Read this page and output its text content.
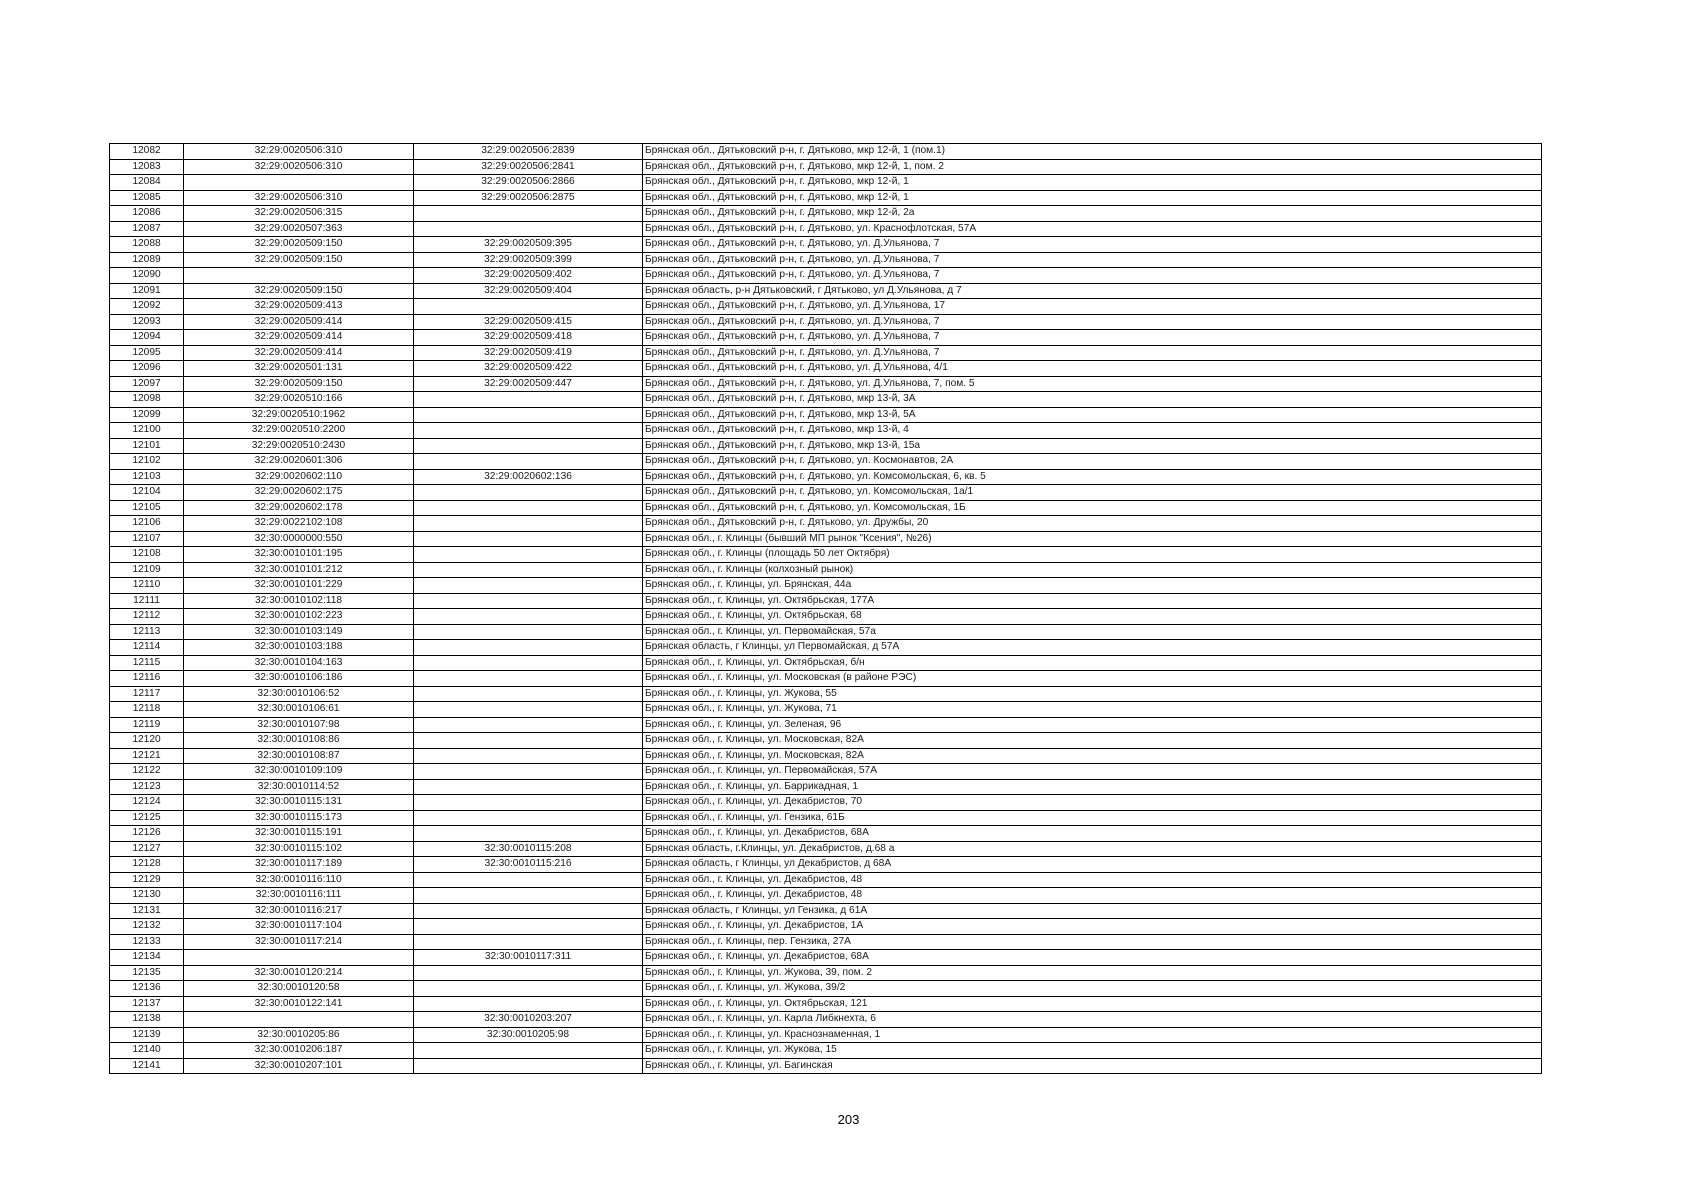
12082	32:29:0020506:310	32:29:0020506:2839	Брянская обл., Дятьковский р-н, г. Дятьково, мкр 12-й, 1 (пом.1)
12083	32:29:0020506:310	32:29:0020506:2841	Брянская обл., Дятьковский р-н, г. Дятьково, мкр 12-й, 1, пом. 2
12084		32:29:0020506:2866	Брянская обл., Дятьковский р-н, г. Дятьково, мкр 12-й, 1
12085	32:29:0020506:310	32:29:0020506:2875	Брянская обл., Дятьковский р-н, г. Дятьково, мкр 12-й, 1
12086	32:29:0020506:315		Брянская обл., Дятьковский р-н, г. Дятьково, мкр 12-й, 2а
12087	32:29:0020507:363		Брянская обл., Дятьковский р-н, г. Дятьково, ул. Краснофлотская, 57А
12088	32:29:0020509:150	32:29:0020509:395	Брянская обл., Дятьковский р-н, г. Дятьково, ул. Д.Ульянова, 7
12089	32:29:0020509:150	32:29:0020509:399	Брянская обл., Дятьковский р-н, г. Дятьково, ул. Д.Ульянова, 7
12090		32:29:0020509:402	Брянская обл., Дятьковский р-н, г. Дятьково, ул. Д.Ульянова, 7
12091	32:29:0020509:150	32:29:0020509:404	Брянская область, р-н Дятьковский, г Дятьково, ул Д.Ульянова, д 7
12092	32:29:0020509:413		Брянская обл., Дятьковский р-н, г. Дятьково, ул. Д.Ульянова, 17
12093	32:29:0020509:414	32:29:0020509:415	Брянская обл., Дятьковский р-н, г. Дятьково, ул. Д.Ульянова, 7
12094	32:29:0020509:414	32:29:0020509:418	Брянская обл., Дятьковский р-н, г. Дятьково, ул. Д.Ульянова, 7
12095	32:29:0020509:414	32:29:0020509:419	Брянская обл., Дятьковский р-н, г. Дятьково, ул. Д.Ульянова, 7
12096	32:29:0020501:131	32:29:0020509:422	Брянская обл., Дятьковский р-н, г. Дятьково, ул. Д.Ульянова, 4/1
12097	32:29:0020509:150	32:29:0020509:447	Брянская обл., Дятьковский р-н, г. Дятьково, ул. Д.Ульянова, 7, пом. 5
12098	32:29:0020510:166		Брянская обл., Дятьковский р-н, г. Дятьково, мкр 13-й, 3А
12099	32:29:0020510:1962		Брянская обл., Дятьковский р-н, г. Дятьково, мкр 13-й, 5А
12100	32:29:0020510:2200		Брянская обл., Дятьковский р-н, г. Дятьково, мкр 13-й, 4
12101	32:29:0020510:2430		Брянская обл., Дятьковский р-н, г. Дятьково, мкр 13-й, 15а
12102	32:29:0020601:306		Брянская обл., Дятьковский р-н, г. Дятьково, ул. Космонавтов, 2А
12103	32:29:0020602:110	32:29:0020602:136	Брянская обл., Дятьковский р-н, г. Дятьково, ул. Комсомольская, 6, кв. 5
12104	32:29:0020602:175		Брянская обл., Дятьковский р-н, г. Дятьково, ул. Комсомольская, 1а/1
12105	32:29:0020602:178		Брянская обл., Дятьковский р-н, г. Дятьково, ул. Комсомольская, 1Б
12106	32:29:0022102:108		Брянская обл., Дятьковский р-н, г. Дятьково, ул. Дружбы, 20
12107	32:30:0000000:550		Брянская обл., г. Клинцы (бывший МП рынок "Ксения", №26)
12108	32:30:0010101:195		Брянская обл., г. Клинцы (площадь 50 лет Октября)
12109	32:30:0010101:212		Брянская обл., г. Клинцы (колхозный рынок)
12110	32:30:0010101:229		Брянская обл., г. Клинцы, ул. Брянская, 44а
12111	32:30:0010102:118		Брянская обл., г. Клинцы, ул. Октябрьская, 177А
12112	32:30:0010102:223		Брянская обл., г. Клинцы, ул. Октябрьская, 68
12113	32:30:0010103:149		Брянская обл., г. Клинцы, ул. Первомайская, 57а
12114	32:30:0010103:188		Брянская область, г Клинцы, ул Первомайская, д 57А
12115	32:30:0010104:163		Брянская обл., г. Клинцы, ул. Октябрьская, б/н
12116	32:30:0010106:186		Брянская обл., г. Клинцы, ул. Московская (в районе РЭС)
12117	32:30:0010106:52		Брянская обл., г. Клинцы, ул. Жукова, 55
12118	32:30:0010106:61		Брянская обл., г. Клинцы, ул. Жукова, 71
12119	32:30:0010107:98		Брянская обл., г. Клинцы, ул. Зеленая, 96
12120	32:30:0010108:86		Брянская обл., г. Клинцы, ул. Московская, 82А
12121	32:30:0010108:87		Брянская обл., г. Клинцы, ул. Московская, 82А
12122	32:30:0010109:109		Брянская обл., г. Клинцы, ул. Первомайская, 57А
12123	32:30:0010114:52		Брянская обл., г. Клинцы, ул. Баррикадная, 1
12124	32:30:0010115:131		Брянская обл., г. Клинцы, ул. Декабристов, 70
12125	32:30:0010115:173		Брянская обл., г. Клинцы, ул. Гензика, 61Б
12126	32:30:0010115:191		Брянская обл., г. Клинцы, ул. Декабристов, 68А
12127	32:30:0010115:102	32:30:0010115:208	Брянская область, г.Клинцы, ул. Декабристов, д.68 а
12128	32:30:0010117:189	32:30:0010115:216	Брянская область, г Клинцы, ул Декабристов, д 68А
12129	32:30:0010116:110		Брянская обл., г. Клинцы, ул. Декабристов, 48
12130	32:30:0010116:111		Брянская обл., г. Клинцы, ул. Декабристов, 48
12131	32:30:0010116:217		Брянская область, г Клинцы, ул Гензика, д 61А
12132	32:30:0010117:104		Брянская обл., г. Клинцы, ул. Декабристов, 1А
12133	32:30:0010117:214		Брянская обл., г. Клинцы, пер. Гензика, 27А
12134		32:30:0010117:311	Брянская обл., г. Клинцы, ул. Декабристов, 68А
12135	32:30:0010120:214		Брянская обл., г. Клинцы, ул. Жукова, 39, пом. 2
12136	32:30:0010120:58		Брянская обл., г. Клинцы, ул. Жукова, 39/2
12137	32:30:0010122:141		Брянская обл., г. Клинцы, ул. Октябрьская, 121
12138		32:30:0010203:207	Брянская обл., г. Клинцы, ул. Карла Либкнехта, 6
12139	32:30:0010205:86	32:30:0010205:98	Брянская обл., г. Клинцы, ул. Краснознаменная, 1
12140	32:30:0010206:187		Брянская обл., г. Клинцы, ул. Жукова, 15
12141	32:30:0010207:101		Брянская обл., г. Клинцы, ул. Багинская
203
